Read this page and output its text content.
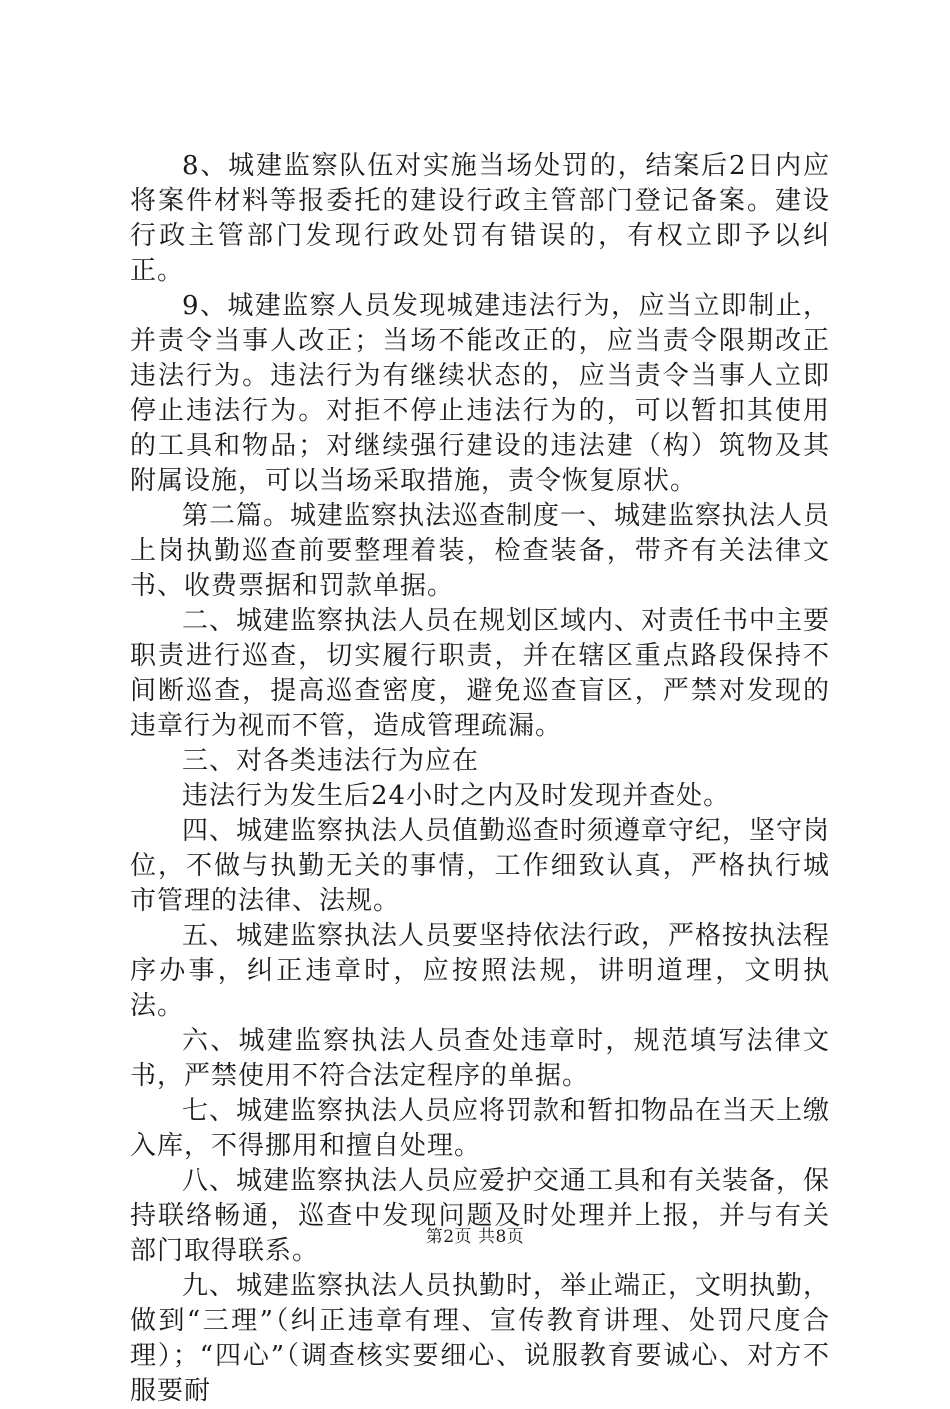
8、城建监察队伍对实施当场处罚的，结案后2日内应将案件材料等报委托的建设行政主管部门登记备案。建设行政主管部门发现行政处罚有错误的，有权立即予以纠正。

9、城建监察人员发现城建违法行为，应当立即制止，并责令当事人改正；当场不能改正的，应当责令限期改正违法行为。违法行为有继续状态的，应当责令当事人立即停止违法行为。对拒不停止违法行为的，可以暂扣其使用的工具和物品；对继续强行建设的违法建（构）筑物及其附属设施，可以当场采取措施，责令恢复原状。

第二篇。城建监察执法巡查制度一、城建监察执法人员上岗执勤巡查前要整理着装，检查装备，带齐有关法律文书、收费票据和罚款单据。

二、城建监察执法人员在规划区域内、对责任书中主要职责进行巡查，切实履行职责，并在辖区重点路段保持不间断巡查，提高巡查密度，避免巡查盲区，严禁对发现的违章行为视而不管，造成管理疏漏。

三、对各类违法行为应在

违法行为发生后24小时之内及时发现并查处。

四、城建监察执法人员值勤巡查时须遵章守纪，坚守岗位，不做与执勤无关的事情，工作细致认真，严格执行城市管理的法律、法规。

五、城建监察执法人员要坚持依法行政，严格按执法程序办事，纠正违章时，应按照法规，讲明道理，文明执法。

六、城建监察执法人员查处违章时，规范填写法律文书，严禁使用不符合法定程序的单据。

七、城建监察执法人员应将罚款和暂扣物品在当天上缴入库，不得挪用和擅自处理。

八、城建监察执法人员应爱护交通工具和有关装备，保持联络畅通，巡查中发现问题及时处理并上报，并与有关部门取得联系。

九、城建监察执法人员执勤时，举止端正，文明执勤，做到“三理”（纠正违章有理、宣传教育讲理、处罚尺度合理）；“四心”（调查核实要细心、说服教育要诚心、对方不服要耐

第2页 共8页
